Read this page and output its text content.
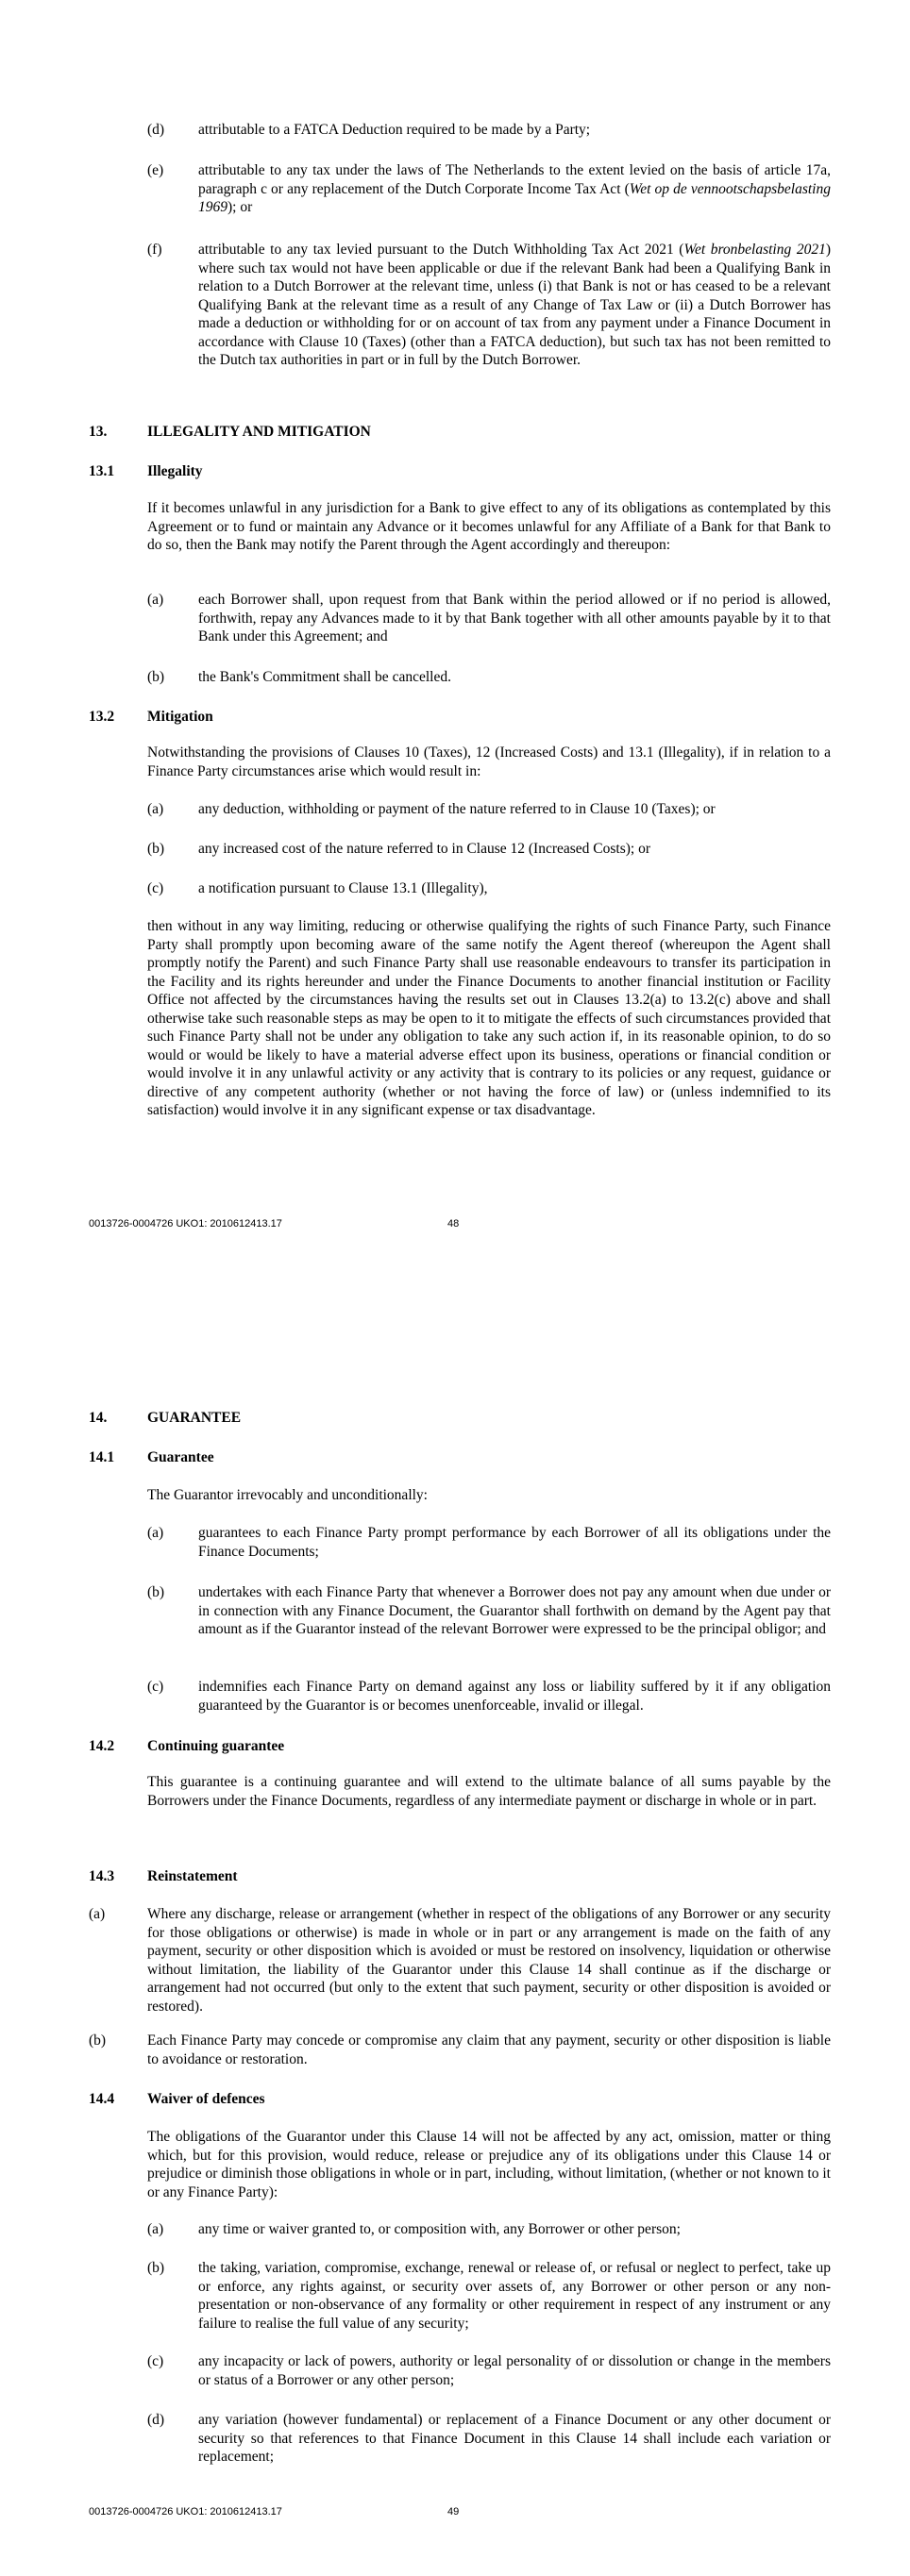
(d) attributable to a FATCA Deduction required to be made by a Party;
(e) attributable to any tax under the laws of The Netherlands to the extent levied on the basis of article 17a, paragraph c or any replacement of the Dutch Corporate Income Tax Act (Wet op de vennootschapsbelasting 1969); or
(f) attributable to any tax levied pursuant to the Dutch Withholding Tax Act 2021 (Wet bronbelasting 2021) where such tax would not have been applicable or due if the relevant Bank had been a Qualifying Bank in relation to a Dutch Borrower at the relevant time, unless (i) that Bank is not or has ceased to be a relevant Qualifying Bank at the relevant time as a result of any Change of Tax Law or (ii) a Dutch Borrower has made a deduction or withholding for or on account of tax from any payment under a Finance Document in accordance with Clause 10 (Taxes) (other than a FATCA deduction), but such tax has not been remitted to the Dutch tax authorities in part or in full by the Dutch Borrower.
13.	ILLEGALITY AND MITIGATION
13.1 Illegality
If it becomes unlawful in any jurisdiction for a Bank to give effect to any of its obligations as contemplated by this Agreement or to fund or maintain any Advance or it becomes unlawful for any Affiliate of a Bank for that Bank to do so, then the Bank may notify the Parent through the Agent accordingly and thereupon:
(a) each Borrower shall, upon request from that Bank within the period allowed or if no period is allowed, forthwith, repay any Advances made to it by that Bank together with all other amounts payable by it to that Bank under this Agreement; and
(b) the Bank's Commitment shall be cancelled.
13.2 Mitigation
Notwithstanding the provisions of Clauses 10 (Taxes), 12 (Increased Costs) and 13.1 (Illegality), if in relation to a Finance Party circumstances arise which would result in:
(a) any deduction, withholding or payment of the nature referred to in Clause 10 (Taxes); or
(b) any increased cost of the nature referred to in Clause 12 (Increased Costs); or
(c) a notification pursuant to Clause 13.1 (Illegality),
then without in any way limiting, reducing or otherwise qualifying the rights of such Finance Party, such Finance Party shall promptly upon becoming aware of the same notify the Agent thereof (whereupon the Agent shall promptly notify the Parent) and such Finance Party shall use reasonable endeavours to transfer its participation in the Facility and its rights hereunder and under the Finance Documents to another financial institution or Facility Office not affected by the circumstances having the results set out in Clauses 13.2(a) to 13.2(c) above and shall otherwise take such reasonable steps as may be open to it to mitigate the effects of such circumstances provided that such Finance Party shall not be under any obligation to take any such action if, in its reasonable opinion, to do so would or would be likely to have a material adverse effect upon its business, operations or financial condition or would involve it in any unlawful activity or any activity that is contrary to its policies or any request, guidance or directive of any competent authority (whether or not having the force of law) or (unless indemnified to its satisfaction) would involve it in any significant expense or tax disadvantage.
0013726-0004726 UKO1: 2010612413.17	48
14.	GUARANTEE
14.1 Guarantee
The Guarantor irrevocably and unconditionally:
(a) guarantees to each Finance Party prompt performance by each Borrower of all its obligations under the Finance Documents;
(b) undertakes with each Finance Party that whenever a Borrower does not pay any amount when due under or in connection with any Finance Document, the Guarantor shall forthwith on demand by the Agent pay that amount as if the Guarantor instead of the relevant Borrower were expressed to be the principal obligor; and
(c) indemnifies each Finance Party on demand against any loss or liability suffered by it if any obligation guaranteed by the Guarantor is or becomes unenforceable, invalid or illegal.
14.2 Continuing guarantee
This guarantee is a continuing guarantee and will extend to the ultimate balance of all sums payable by the Borrowers under the Finance Documents, regardless of any intermediate payment or discharge in whole or in part.
14.3 Reinstatement
(a)	Where any discharge, release or arrangement (whether in respect of the obligations of any Borrower or any security for those obligations or otherwise) is made in whole or in part or any arrangement is made on the faith of any payment, security or other disposition which is avoided or must be restored on insolvency, liquidation or otherwise without limitation, the liability of the Guarantor under this Clause 14 shall continue as if the discharge or arrangement had not occurred (but only to the extent that such payment, security or other disposition is avoided or restored).
(b)	Each Finance Party may concede or compromise any claim that any payment, security or other disposition is liable to avoidance or restoration.
14.4 Waiver of defences
The obligations of the Guarantor under this Clause 14 will not be affected by any act, omission, matter or thing which, but for this provision, would reduce, release or prejudice any of its obligations under this Clause 14 or prejudice or diminish those obligations in whole or in part, including, without limitation, (whether or not known to it or any Finance Party):
(a) any time or waiver granted to, or composition with, any Borrower or other person;
(b) the taking, variation, compromise, exchange, renewal or release of, or refusal or neglect to perfect, take up or enforce, any rights against, or security over assets of, any Borrower or other person or any non-presentation or non-observance of any formality or other requirement in respect of any instrument or any failure to realise the full value of any security;
(c) any incapacity or lack of powers, authority or legal personality of or dissolution or change in the members or status of a Borrower or any other person;
(d) any variation (however fundamental) or replacement of a Finance Document or any other document or security so that references to that Finance Document in this Clause 14 shall include each variation or replacement;
0013726-0004726 UKO1: 2010612413.17	49
